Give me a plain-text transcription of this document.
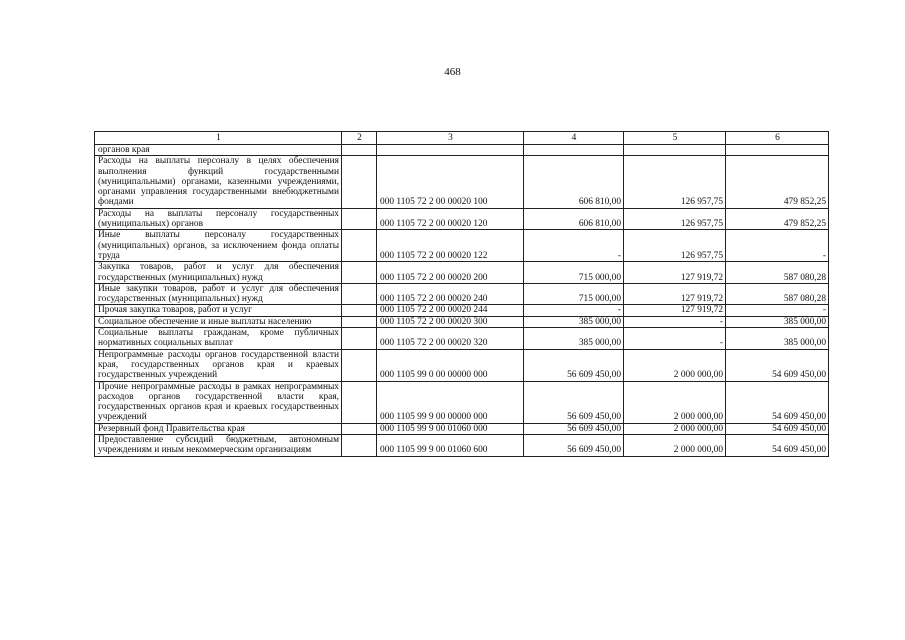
468
1	2	3	4	5	6
органов края					
Расходы на выплаты персоналу в целях обеспечения выполнения функций государственными (муниципальными) органами, казенными учреждениями, органами управления государственными внебюджетными фондами		000 1105 72 2 00 00020 100	606 810,00	126 957,75	479 852,25
Расходы на выплаты персоналу государственных (муниципальных) органов		000 1105 72 2 00 00020 120	606 810,00	126 957,75	479 852,25
Иные выплаты персоналу государственных (муниципальных) органов, за исключением фонда оплаты труда		000 1105 72 2 00 00020 122	-	126 957,75	-
Закупка товаров, работ и услуг для обеспечения государственных (муниципальных) нужд		000 1105 72 2 00 00020 200	715 000,00	127 919,72	587 080,28
Иные закупки товаров, работ и услуг для обеспечения государственных (муниципальных) нужд		000 1105 72 2 00 00020 240	715 000,00	127 919,72	587 080,28
Прочая закупка товаров, работ и услуг		000 1105 72 2 00 00020 244	-	127 919,72	-
Социальное обеспечение и иные выплаты населению		000 1105 72 2 00 00020 300	385 000,00	-	385 000,00
Социальные выплаты гражданам, кроме публичных нормативных социальных выплат		000 1105 72 2 00 00020 320	385 000,00	-	385 000,00
Непрограммные расходы органов государственной власти края, государственных органов края и краевых государственных учреждений		000 1105 99 0 00 00000 000	56 609 450,00	2 000 000,00	54 609 450,00
Прочие непрограммные расходы в рамках непрограммных расходов органов государственной власти края, государственных органов края и краевых государственных учреждений		000 1105 99 9 00 00000 000	56 609 450,00	2 000 000,00	54 609 450,00
Резервный фонд Правительства края		000 1105 99 9 00 01060 000	56 609 450,00	2 000 000,00	54 609 450,00
Предоставление субсидий бюджетным, автономным учреждениям и иным некоммерческим организациям		000 1105 99 9 00 01060 600	56 609 450,00	2 000 000,00	54 609 450,00
